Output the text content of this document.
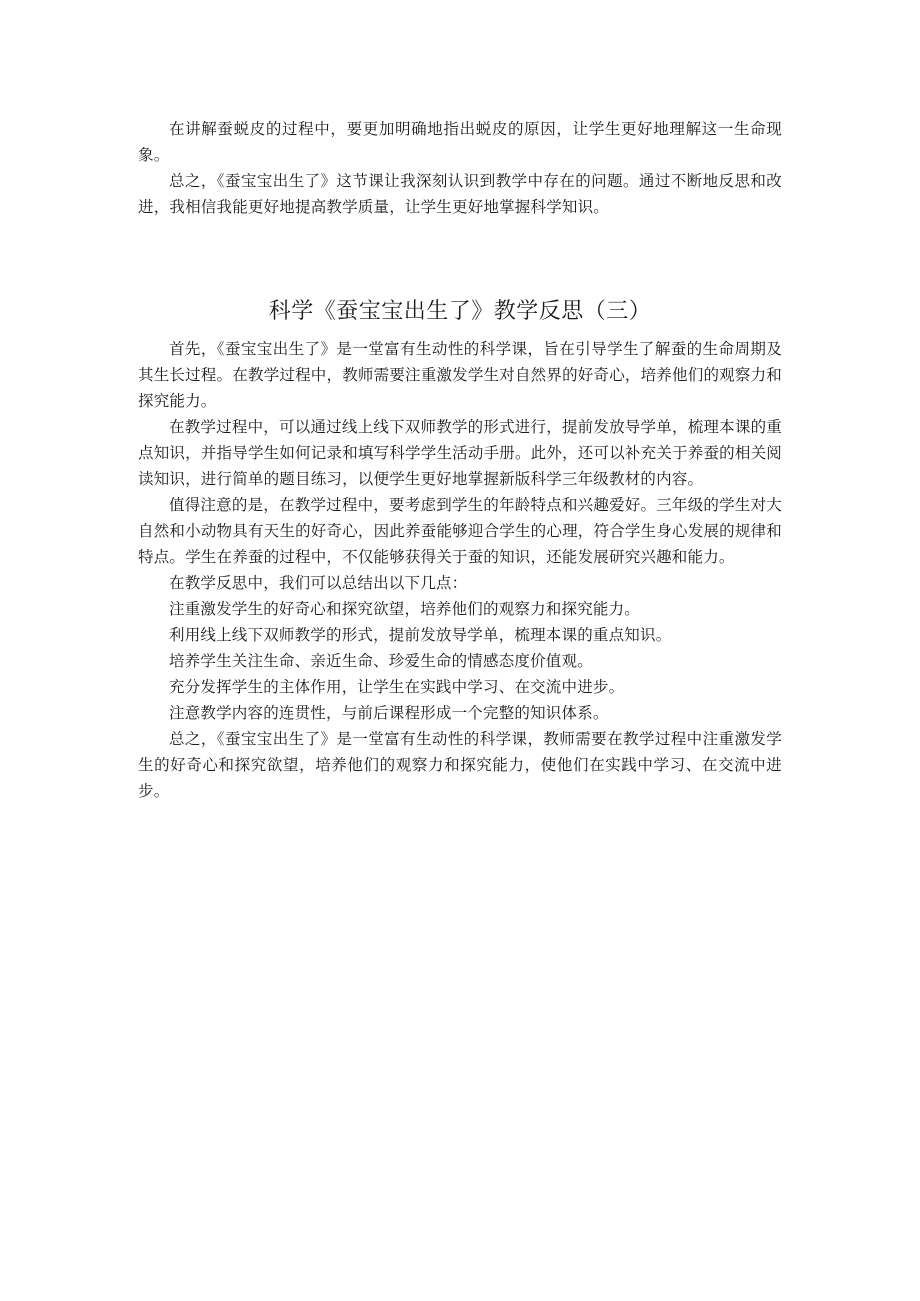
在讲解蚕蜕皮的过程中，要更加明确地指出蜕皮的原因，让学生更好地理解这一生命现象。

总之，《蚕宝宝出生了》这节课让我深刻认识到教学中存在的问题。通过不断地反思和改进，我相信我能更好地提高教学质量，让学生更好地掌握科学知识。

科学《蚕宝宝出生了》教学反思（三）

首先，《蚕宝宝出生了》是一堂富有生动性的科学课，旨在引导学生了解蚕的生命周期及其生长过程。在教学过程中，教师需要注重激发学生对自然界的好奇心，培养他们的观察力和探究能力。

在教学过程中，可以通过线上线下双师教学的形式进行，提前发放导学单，梳理本课的重点知识，并指导学生如何记录和填写科学学生活动手册。此外，还可以补充关于养蚕的相关阅读知识，进行简单的题目练习，以便学生更好地掌握新版科学三年级教材的内容。

值得注意的是，在教学过程中，要考虑到学生的年龄特点和兴趣爱好。三年级的学生对大自然和小动物具有天生的好奇心，因此养蚕能够迎合学生的心理，符合学生身心发展的规律和特点。学生在养蚕的过程中，不仅能够获得关于蚕的知识，还能发展研究兴趣和能力。

在教学反思中，我们可以总结出以下几点：

注重激发学生的好奇心和探究欲望，培养他们的观察力和探究能力。

利用线上线下双师教学的形式，提前发放导学单，梳理本课的重点知识。

培养学生关注生命、亲近生命、珍爱生命的情感态度价值观。

充分发挥学生的主体作用，让学生在实践中学习、在交流中进步。

注意教学内容的连贯性，与前后课程形成一个完整的知识体系。

总之，《蚕宝宝出生了》是一堂富有生动性的科学课，教师需要在教学过程中注重激发学生的好奇心和探究欲望，培养他们的观察力和探究能力，使他们在实践中学习、在交流中进步。
